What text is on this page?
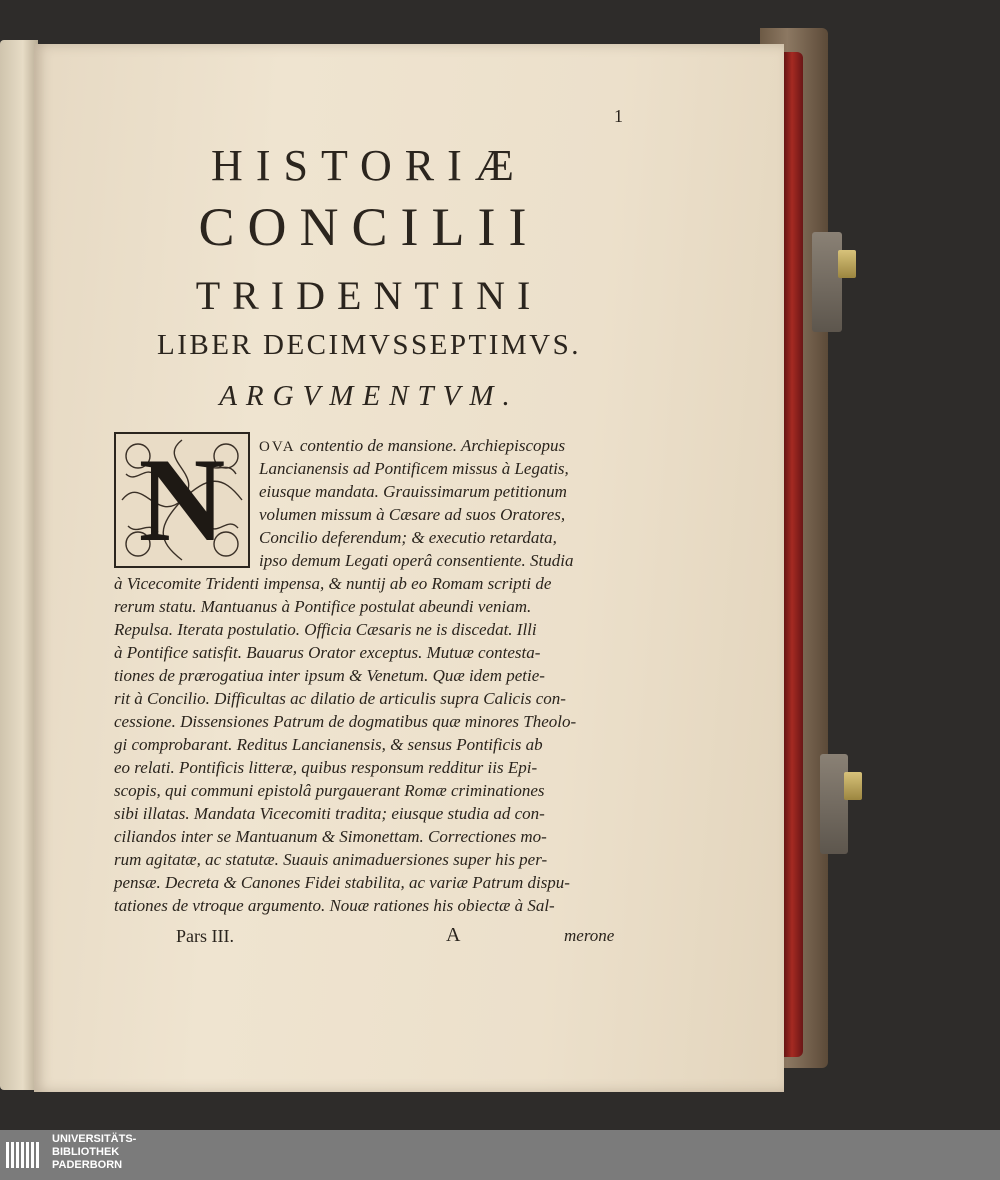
1
HISTORIÆ
CONCILII
TRIDENTINI
LIBER DECIMVSSEPTIMVS.
ARGVMENTVM.
N	OVA contentio de mansione. Archiepiscopus
Lancianensis ad Pontificem missus à Legatis,
eiusque mandata. Grauissimarum petitionum
volumen missum à Cæsare ad suos Oratores,
Concilio deferendum; & executio retardata,
ipso demum Legati operâ consentiente. Studia
à Vicecomite Tridenti impensa, & nuntij ab eo Romam scripti de
rerum statu. Mantuanus à Pontifice postulat abeundi veniam.
Repulsa. Iterata postulatio. Officia Cæsaris ne is discedat. Illi
à Pontifice satisfit. Bauarus Orator exceptus. Mutuæ contesta-
tiones de prærogatiua inter ipsum & Venetum. Quæ idem petie-
rit à Concilio. Difficultas ac dilatio de articulis supra Calicis con-
cessione. Dissensiones Patrum de dogmatibus quæ minores Theolo-
gi comprobarant. Reditus Lancianensis, & sensus Pontificis ab
eo relati. Pontificis litteræ, quibus responsum redditur iis Epi-
scopis, qui communi epistolâ purgauerant Romæ criminationes
sibi illatas. Mandata Vicecomiti tradita; eiusque studia ad con-
ciliandos inter se Mantuanum & Simonettam. Correctiones mo-
rum agitatæ, ac statutæ. Suauis animaduersiones super his per-
pensæ. Decreta & Canones Fidei stabilita, ac variæ Patrum dispu-
tationes de vtroque argumento. Nouæ rationes his obiectæ à Sal-
Pars III.	A	merone
UNIVERSITÄTS-
BIBLIOTHEK
PADERBORN
